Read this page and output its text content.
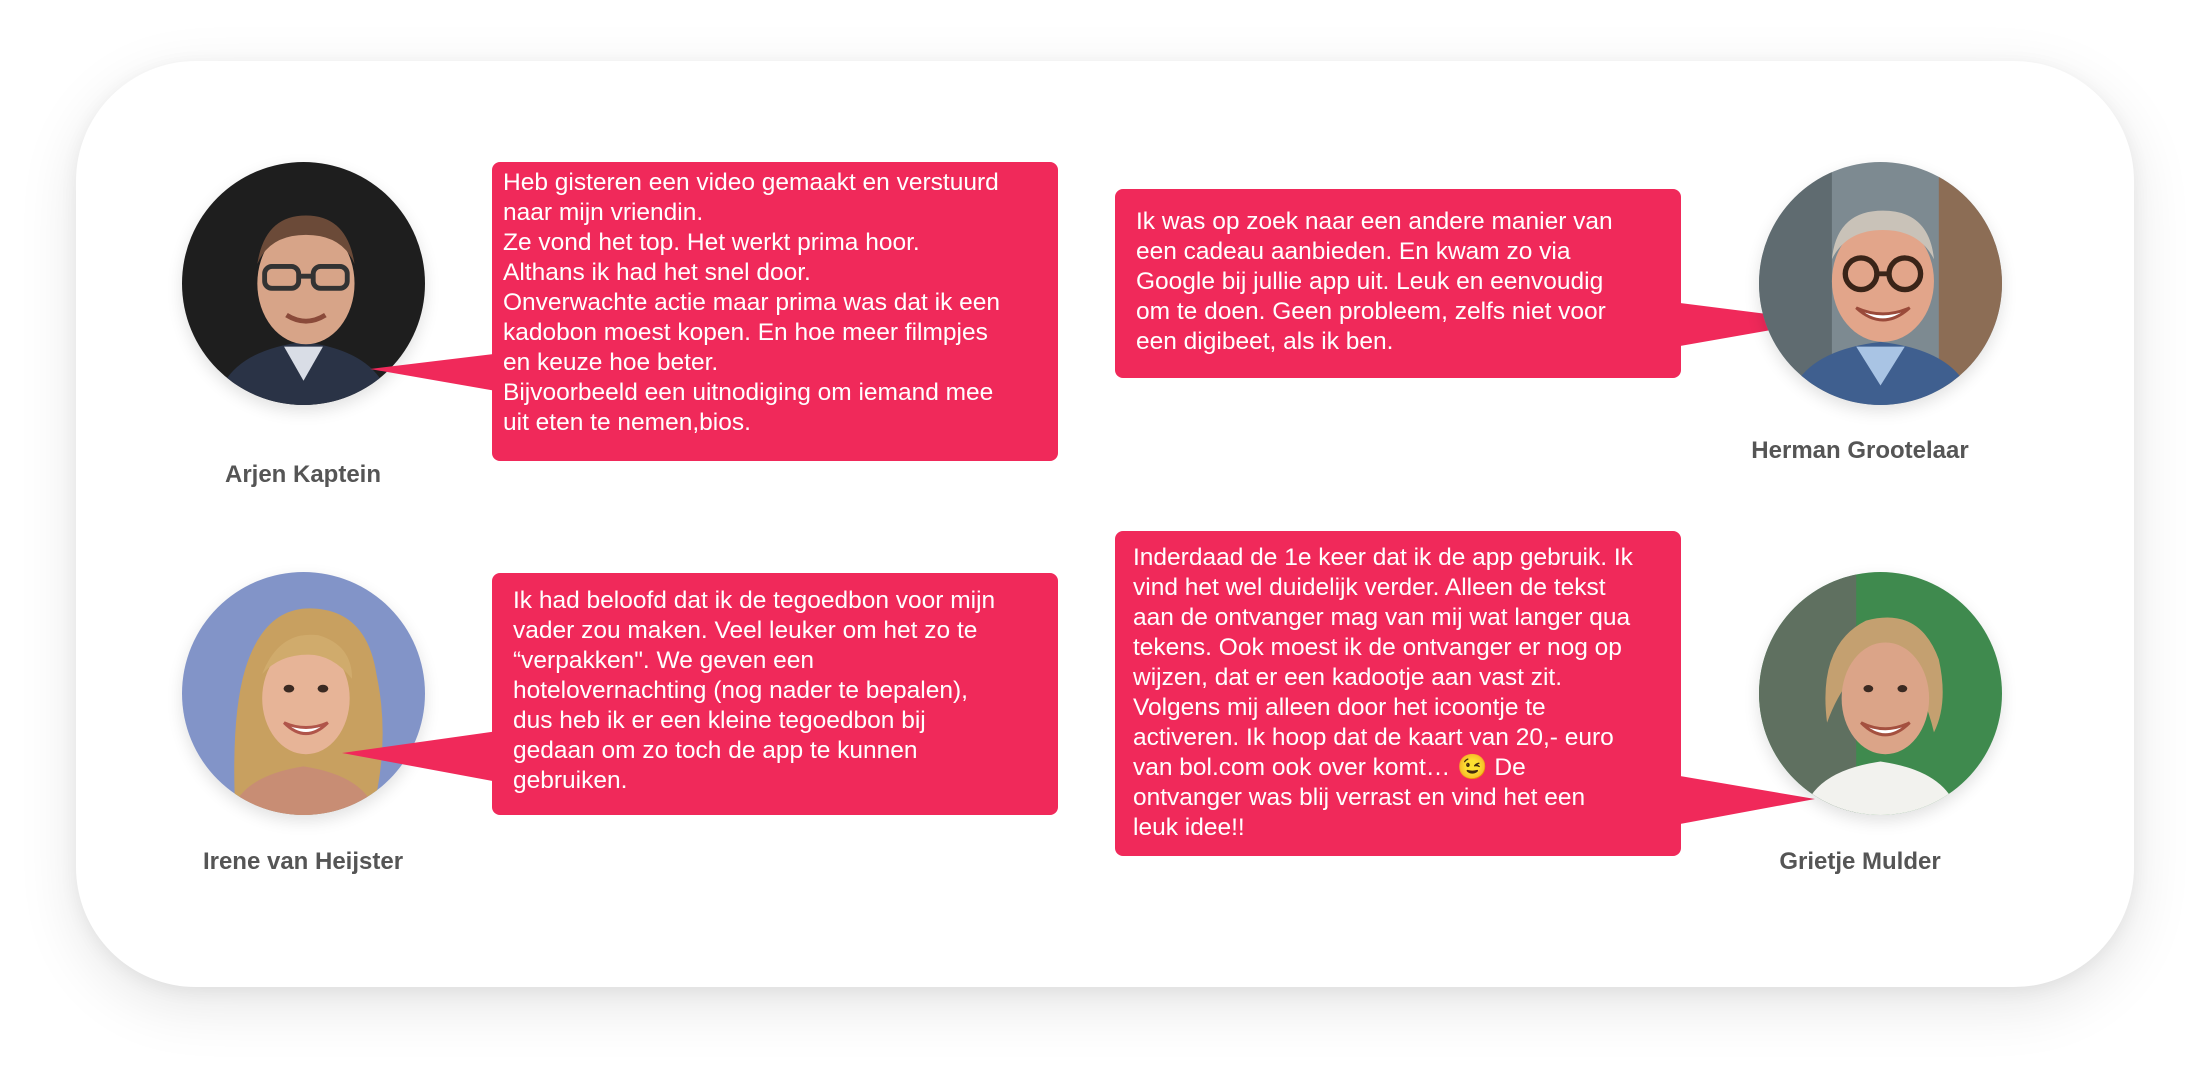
Heb gisteren een video gemaakt en verstuurd
naar mijn vriendin.
Ze vond het top. Het werkt prima hoor.
Althans ik had het snel door.
Onverwachte actie maar prima was dat ik een
kadobon moest kopen. En hoe meer filmpjes
en keuze hoe beter.
Bijvoorbeeld een uitnodiging om iemand mee
uit eten te nemen,bios.
Arjen Kaptein
Ik was op zoek naar een andere manier van
een cadeau aanbieden. En kwam zo via
Google bij jullie app uit. Leuk en eenvoudig
om te doen. Geen probleem, zelfs niet voor
een digibeet, als ik ben.
Herman Grootelaar
Ik had beloofd dat ik de tegoedbon voor mijn
vader zou maken. Veel leuker om het zo te
“verpakken". We geven een
hotelovernachting (nog nader te bepalen),
dus heb ik er een kleine tegoedbon bij
gedaan om zo toch de app te kunnen
gebruiken.
Irene van Heijster
Inderdaad de 1e keer dat ik de app gebruik. Ik
vind het wel duidelijk verder. Alleen de tekst
aan de ontvanger mag van mij wat langer qua
tekens. Ook moest ik de ontvanger er nog op
wijzen, dat er een kadootje aan vast zit.
Volgens mij alleen door het icoontje te
activeren. Ik hoop dat de kaart van 20,- euro
van bol.com ook over komt… 😉 De
ontvanger was blij verrast en vind het een
leuk idee!!
Grietje Mulder
